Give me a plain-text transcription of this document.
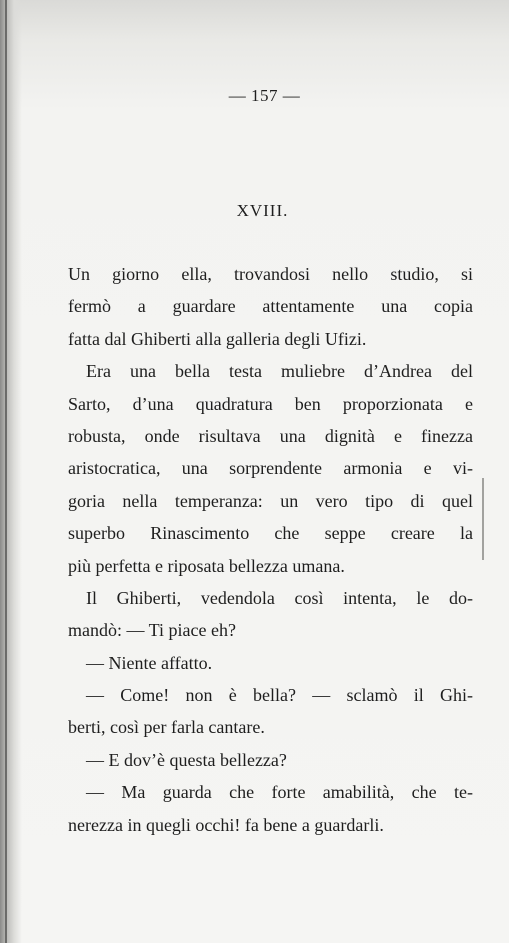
— 157 —
XVIII.
Un giorno ella, trovandosi nello studio, si
fermò a guardare attentamente una copia
fatta dal Ghiberti alla galleria degli Ufizi.
Era una bella testa muliebre d’Andrea del
Sarto, d’una quadratura ben proporzionata e
robusta, onde risultava una dignità e finezza
aristocratica, una sorprendente armonia e vi-
goria nella temperanza: un vero tipo di quel
superbo Rinascimento che seppe creare la
più perfetta e riposata bellezza umana.
Il Ghiberti, vedendola così intenta, le do-
mandò: — Ti piace eh?
— Niente affatto.
— Come! non è bella? — sclamò il Ghi-
berti, così per farla cantare.
— E dov’è questa bellezza?
— Ma guarda che forte amabilità, che te-
nerezza in quegli occhi! fa bene a guardarli.
